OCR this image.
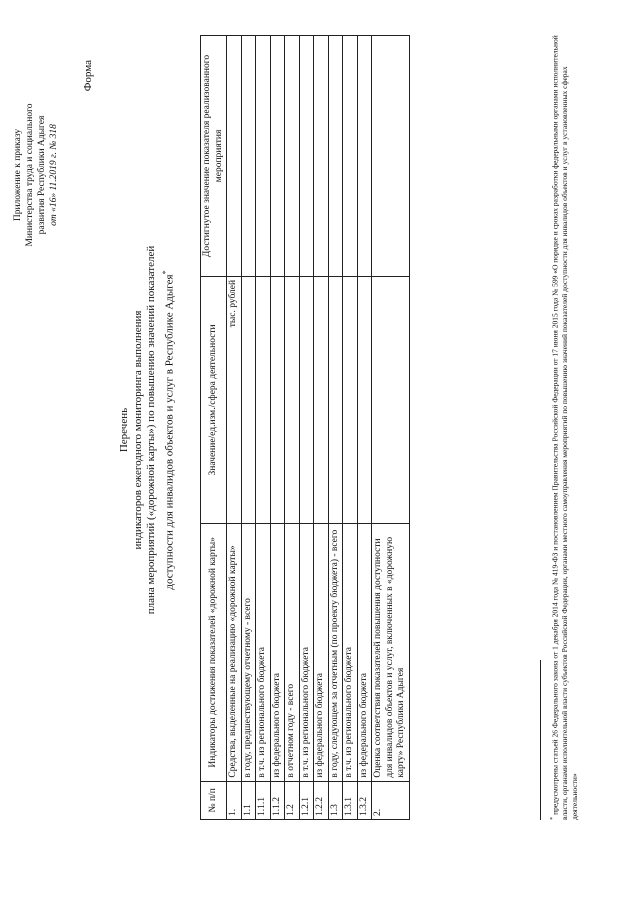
Приложение к приказу Министерства труда и социального развития Республики Адыгея от «16» 11.2019 г. № 318
Форма
Перечень индикаторов ежегодного мониторинга выполнения плана мероприятий («дорожной карты») по повышению значений показателей доступности для инвалидов объектов и услуг в Республике Адыгея*
№ п/п	Индикаторы достижения показателей «дорожной карты»	Значение/ед.изм./сфера деятельности	Достигнутое значение показателя реализованного мероприятия
1.	Средства, выделенные на реализацию «дорожной карты»	тыс. рублей	
1.1	в году, предшествующему отчетному - всего		
1.1.1	в т.ч. из регионального бюджета		
1.1.2	из федерального бюджета		
1.2	в отчетном году - всего		
1.2.1	в т.ч. из регионального бюджета		
1.2.2	из федерального бюджета		
1.3	в году, следующем за отчетным (по проекту бюджета) - всего		
1.3.1	в т.ч. из регионального бюджета		
1.3.2	из федерального бюджета		
2.	Оценка соответствия показателей повышения доступности для инвалидов объектов и услуг, включенных в «дорожную карту» Республики Адыгея		
* предусмотрены статьей 26 Федерального закона от 1 декабря 2014 года № 419-ФЗ и постановлением Правительства Российской Федерации от 17 июня 2015 года № 599 «О порядке и сроках разработки федеральными органами исполнительной власти, органами исполнительной власти субъектов Российской Федерации, органами местного самоуправления мероприятий по повышению значений показателей доступности для инвалидов объектов и услуг в установленных сферах деятельности»
